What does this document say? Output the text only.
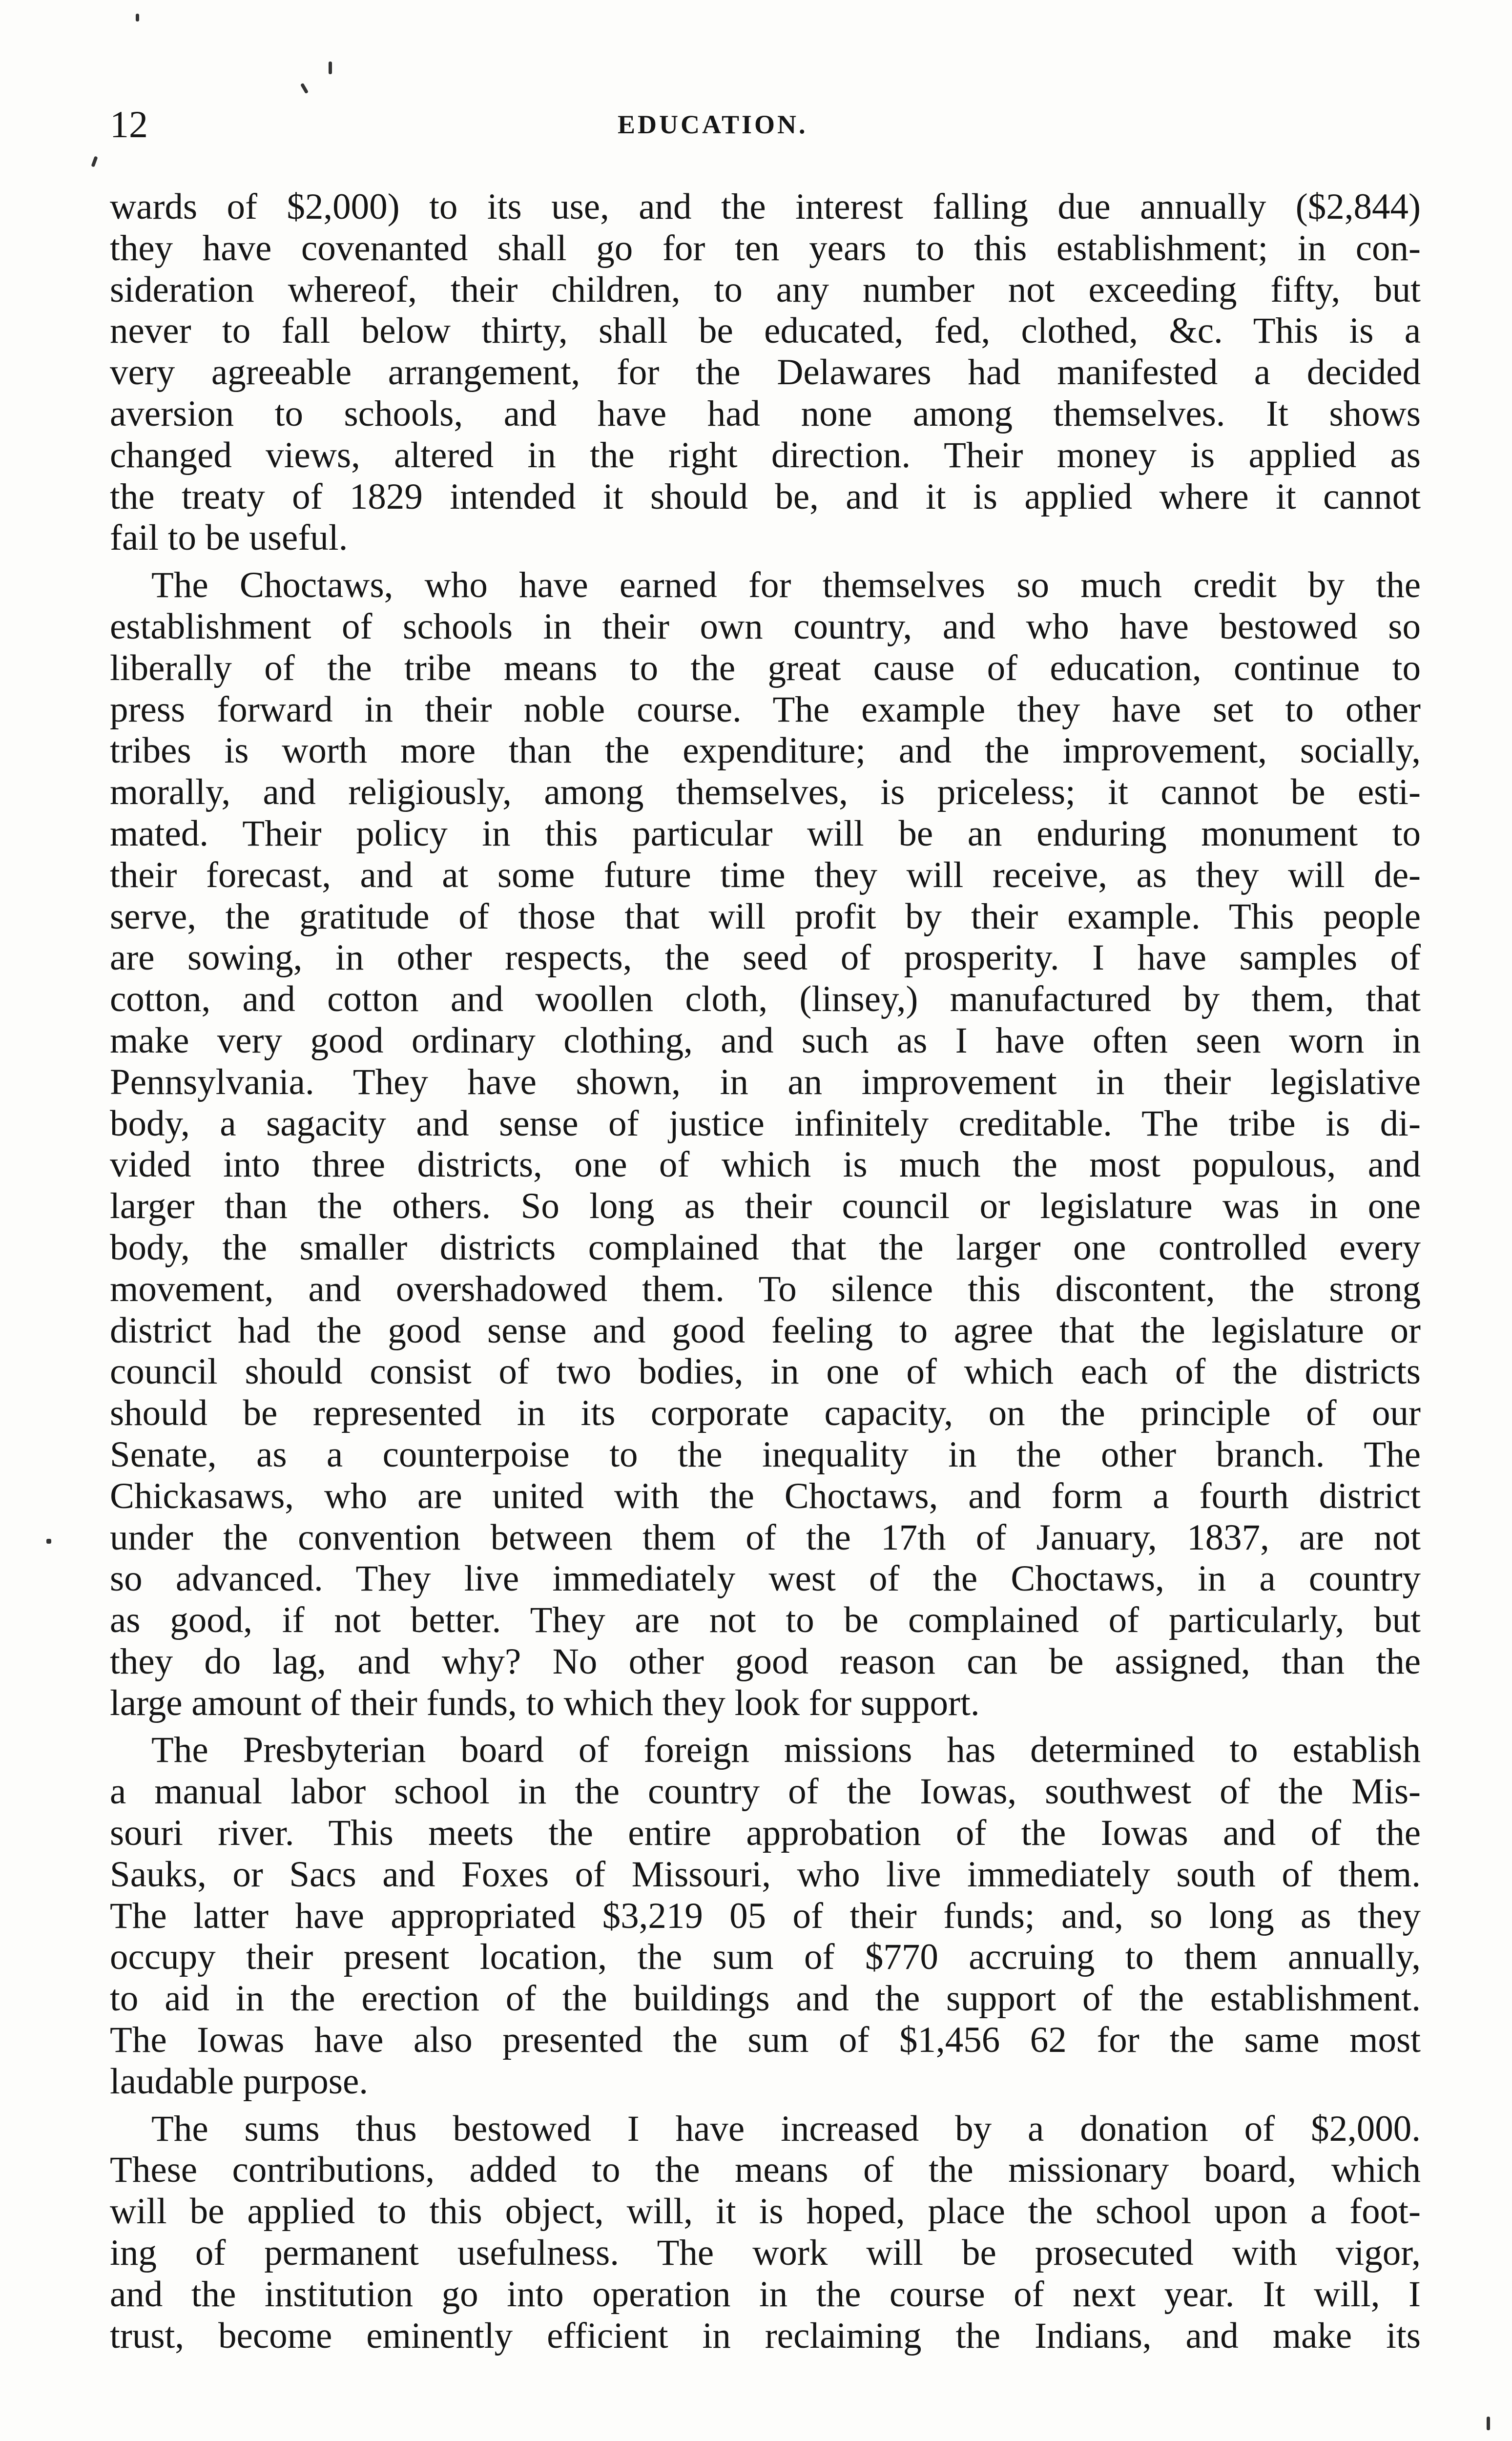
12	EDUCATION.
wards of $2,000) to its use, and the interest falling due annually ($2,844)
they have covenanted shall go for ten years to this establishment; in con-
sideration whereof, their children, to any number not exceeding fifty, but
never to fall below thirty, shall be educated, fed, clothed, &c. This is a
very agreeable arrangement, for the Delawares had manifested a decided
aversion to schools, and have had none among themselves. It shows
changed views, altered in the right direction. Their money is applied as
the treaty of 1829 intended it should be, and it is applied where it cannot
fail to be useful.
The Choctaws, who have earned for themselves so much credit by the
establishment of schools in their own country, and who have bestowed so
liberally of the tribe means to the great cause of education, continue to
press forward in their noble course. The example they have set to other
tribes is worth more than the expenditure; and the improvement, socially,
morally, and religiously, among themselves, is priceless; it cannot be esti-
mated. Their policy in this particular will be an enduring monument to
their forecast, and at some future time they will receive, as they will de-
serve, the gratitude of those that will profit by their example. This people
are sowing, in other respects, the seed of prosperity. I have samples of
cotton, and cotton and woollen cloth, (linsey,) manufactured by them, that
make very good ordinary clothing, and such as I have often seen worn in
Pennsylvania. They have shown, in an improvement in their legislative
body, a sagacity and sense of justice infinitely creditable. The tribe is di-
vided into three districts, one of which is much the most populous, and
larger than the others. So long as their council or legislature was in one
body, the smaller districts complained that the larger one controlled every
movement, and overshadowed them. To silence this discontent, the strong
district had the good sense and good feeling to agree that the legislature or
council should consist of two bodies, in one of which each of the districts
should be represented in its corporate capacity, on the principle of our
Senate, as a counterpoise to the inequality in the other branch. The
Chickasaws, who are united with the Choctaws, and form a fourth district
under the convention between them of the 17th of January, 1837, are not
so advanced. They live immediately west of the Choctaws, in a country
as good, if not better. They are not to be complained of particularly, but
they do lag, and why? No other good reason can be assigned, than the
large amount of their funds, to which they look for support.
The Presbyterian board of foreign missions has determined to establish
a manual labor school in the country of the Iowas, southwest of the Mis-
souri river. This meets the entire approbation of the Iowas and of the
Sauks, or Sacs and Foxes of Missouri, who live immediately south of them.
The latter have appropriated $3,219 05 of their funds; and, so long as they
occupy their present location, the sum of $770 accruing to them annually,
to aid in the erection of the buildings and the support of the establishment.
The Iowas have also presented the sum of $1,456 62 for the same most
laudable purpose.
The sums thus bestowed I have increased by a donation of $2,000.
These contributions, added to the means of the missionary board, which
will be applied to this object, will, it is hoped, place the school upon a foot-
ing of permanent usefulness. The work will be prosecuted with vigor,
and the institution go into operation in the course of next year. It will, I
trust, become eminently efficient in reclaiming the Indians, and make its
